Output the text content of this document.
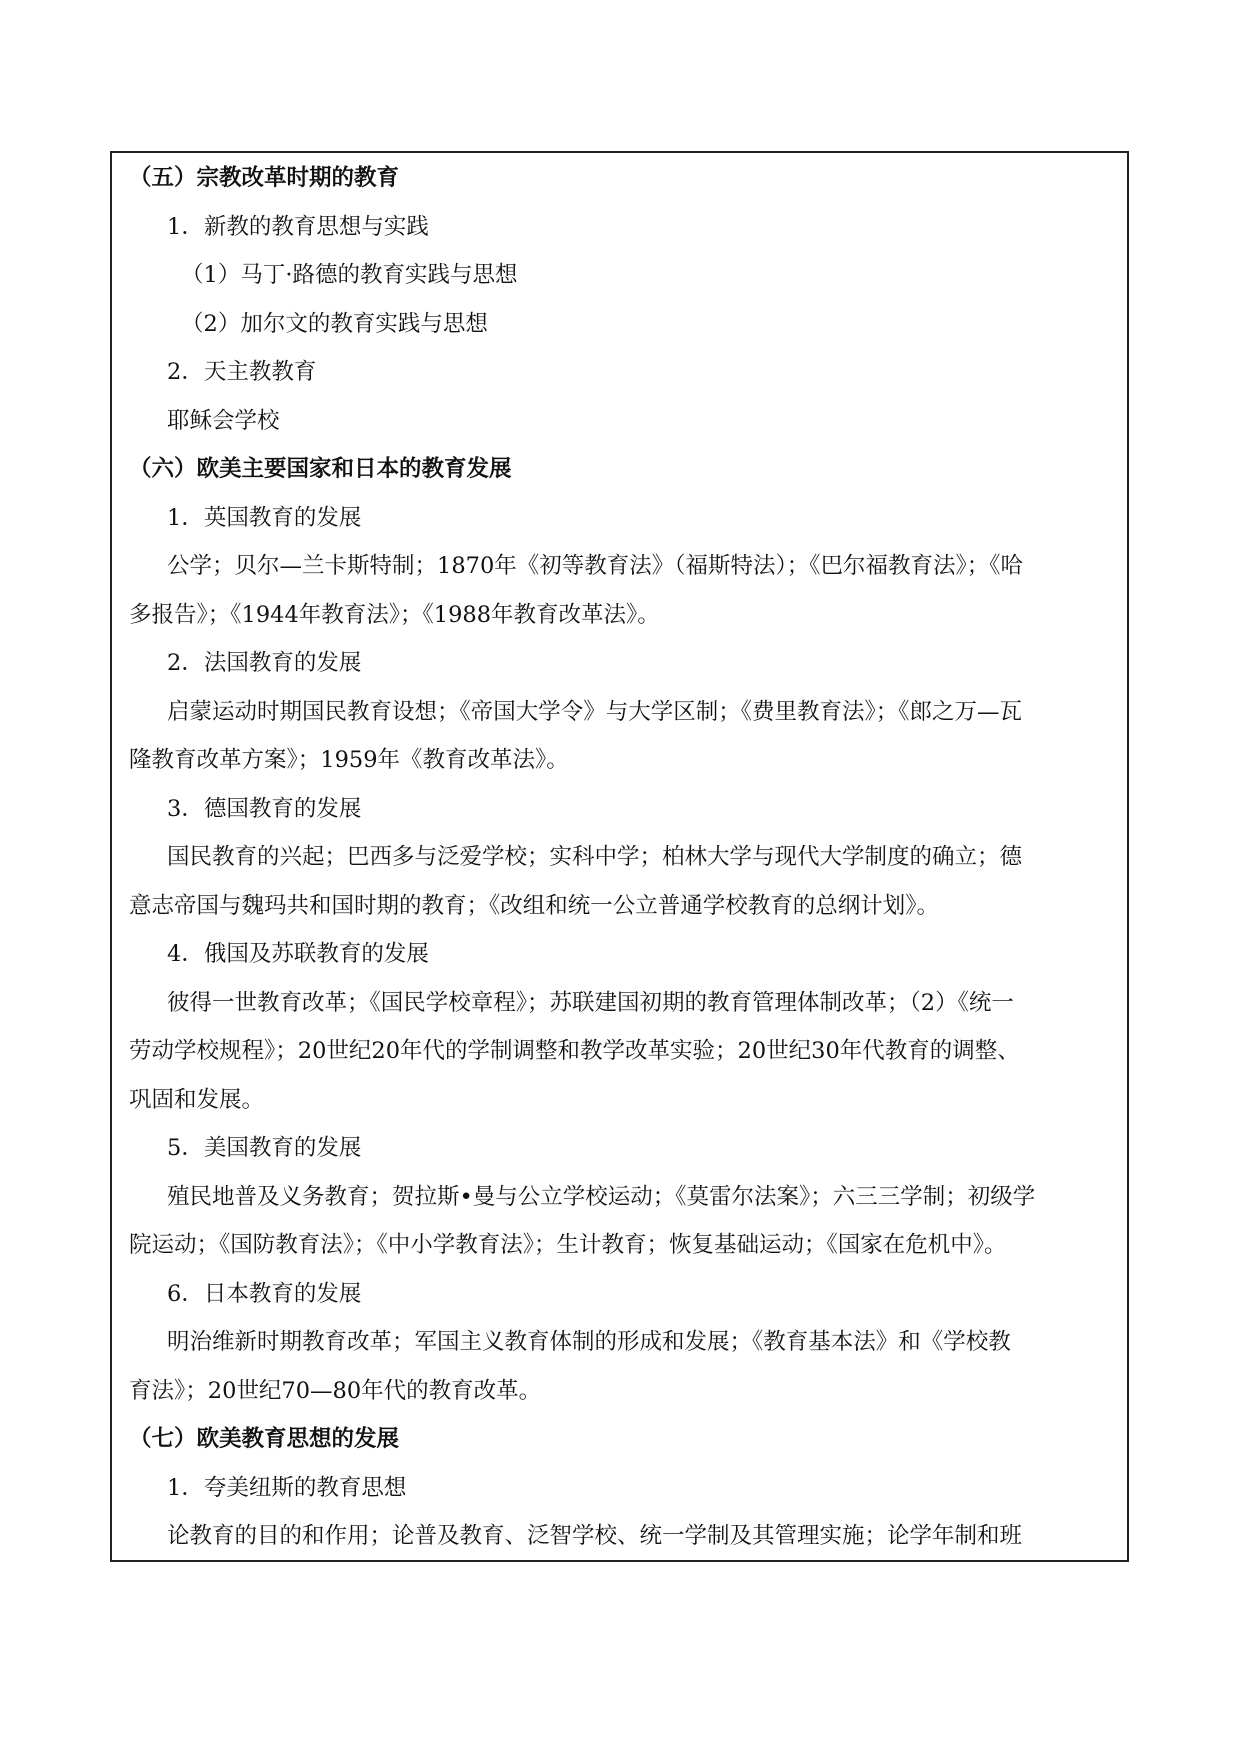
（五）宗教改革时期的教育
1．新教的教育思想与实践
（1）马丁·路德的教育实践与思想
（2）加尔文的教育实践与思想
2．天主教教育
耶稣会学校
（六）欧美主要国家和日本的教育发展
1．英国教育的发展
公学；贝尔—兰卡斯特制；1870年《初等教育法》（福斯特法）；《巴尔福教育法》；《哈
多报告》；《1944年教育法》；《1988年教育改革法》。
2．法国教育的发展
启蒙运动时期国民教育设想；《帝国大学令》与大学区制；《费里教育法》；《郎之万—瓦
隆教育改革方案》；1959年《教育改革法》。
3．德国教育的发展
国民教育的兴起；巴西多与泛爱学校；实科中学；柏林大学与现代大学制度的确立；德
意志帝国与魏玛共和国时期的教育；《改组和统一公立普通学校教育的总纲计划》。
4．俄国及苏联教育的发展
彼得一世教育改革；《国民学校章程》；苏联建国初期的教育管理体制改革；（2）《统一
劳动学校规程》；20世纪20年代的学制调整和教学改革实验；20世纪30年代教育的调整、
巩固和发展。
5．美国教育的发展
殖民地普及义务教育；贺拉斯•曼与公立学校运动；《莫雷尔法案》；六三三学制；初级学
院运动；《国防教育法》；《中小学教育法》；生计教育；恢复基础运动；《国家在危机中》。
6．日本教育的发展
明治维新时期教育改革；军国主义教育体制的形成和发展；《教育基本法》和《学校教
育法》；20世纪70—80年代的教育改革。
（七）欧美教育思想的发展
1．夸美纽斯的教育思想
论教育的目的和作用；论普及教育、泛智学校、统一学制及其管理实施；论学年制和班
